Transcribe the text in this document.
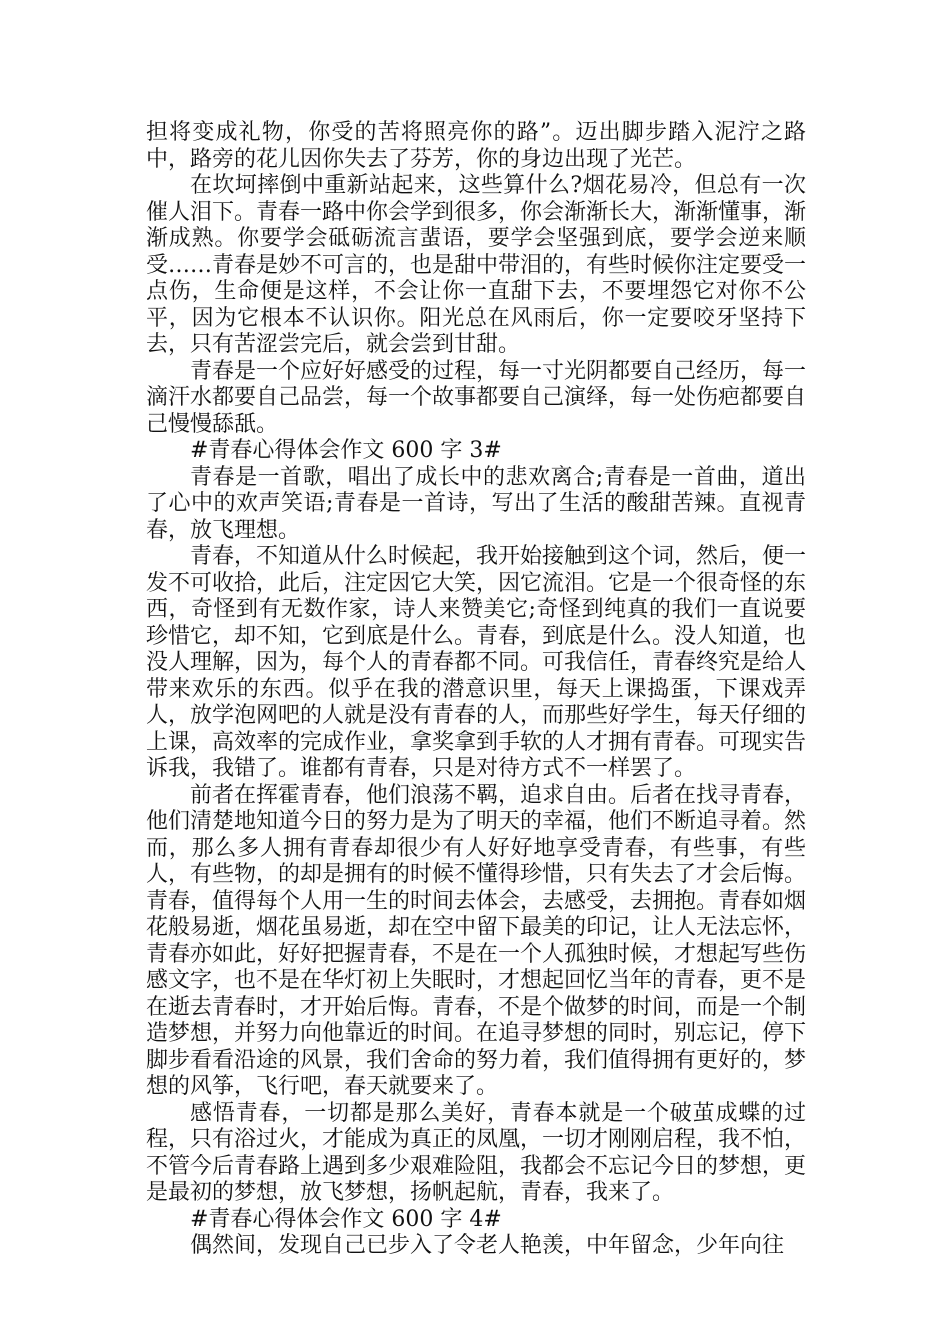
担将变成礼物，你受的苦将照亮你的路”。迈出脚步踏入泥泞之路中，路旁的花儿因你失去了芬芳，你的身边出现了光芒。

在坎坷摔倒中重新站起来，这些算什么?烟花易冷，但总有一次催人泪下。青春一路中你会学到很多，你会渐渐长大，渐渐懂事，渐渐成熟。你要学会砥砺流言蜚语，要学会坚强到底，要学会逆来顺受……青春是妙不可言的，也是甜中带泪的，有些时候你注定要受一点伤，生命便是这样，不会让你一直甜下去，不要埋怨它对你不公平，因为它根本不认识你。阳光总在风雨后，你一定要咬牙坚持下去，只有苦涩尝完后，就会尝到甘甜。

青春是一个应好好感受的过程，每一寸光阴都要自己经历，每一滴汗水都要自己品尝，每一个故事都要自己演绎，每一处伤疤都要自己慢慢舔舐。

#青春心得体会作文 600 字 3#

青春是一首歌，唱出了成长中的悲欢离合;青春是一首曲，道出了心中的欢声笑语;青春是一首诗，写出了生活的酸甜苦辣。直视青春，放飞理想。

青春，不知道从什么时候起，我开始接触到这个词，然后，便一发不可收拾，此后，注定因它大笑，因它流泪。它是一个很奇怪的东西，奇怪到有无数作家，诗人来赞美它;奇怪到纯真的我们一直说要珍惜它，却不知，它到底是什么。青春，到底是什么。没人知道，也没人理解，因为，每个人的青春都不同。可我信任，青春终究是给人带来欢乐的东西。似乎在我的潜意识里，每天上课捣蛋，下课戏弄人，放学泡网吧的人就是没有青春的人，而那些好学生，每天仔细的上课，高效率的完成作业，拿奖拿到手软的人才拥有青春。可现实告诉我，我错了。谁都有青春，只是对待方式不一样罢了。

前者在挥霍青春，他们浪荡不羁，追求自由。后者在找寻青春，他们清楚地知道今日的努力是为了明天的幸福，他们不断追寻着。然而，那么多人拥有青春却很少有人好好地享受青春，有些事，有些人，有些物，的却是拥有的时候不懂得珍惜，只有失去了才会后悔。青春，值得每个人用一生的时间去体会，去感受，去拥抱。青春如烟花般易逝，烟花虽易逝，却在空中留下最美的印记，让人无法忘怀，青春亦如此，好好把握青春，不是在一个人孤独时候，才想起写些伤感文字，也不是在华灯初上失眠时，才想起回忆当年的青春，更不是在逝去青春时，才开始后悔。青春，不是个做梦的时间，而是一个制造梦想，并努力向他靠近的时间。在追寻梦想的同时，别忘记，停下脚步看看沿途的风景，我们舍命的努力着，我们值得拥有更好的，梦想的风筝，飞行吧，春天就要来了。

感悟青春，一切都是那么美好，青春本就是一个破茧成蝶的过程，只有浴过火，才能成为真正的凤凰，一切才刚刚启程，我不怕，不管今后青春路上遇到多少艰难险阻，我都会不忘记今日的梦想，更是最初的梦想，放飞梦想，扬帆起航，青春，我来了。

#青春心得体会作文 600 字 4#

偶然间，发现自己已步入了令老人艳羡，中年留念，少年向往
